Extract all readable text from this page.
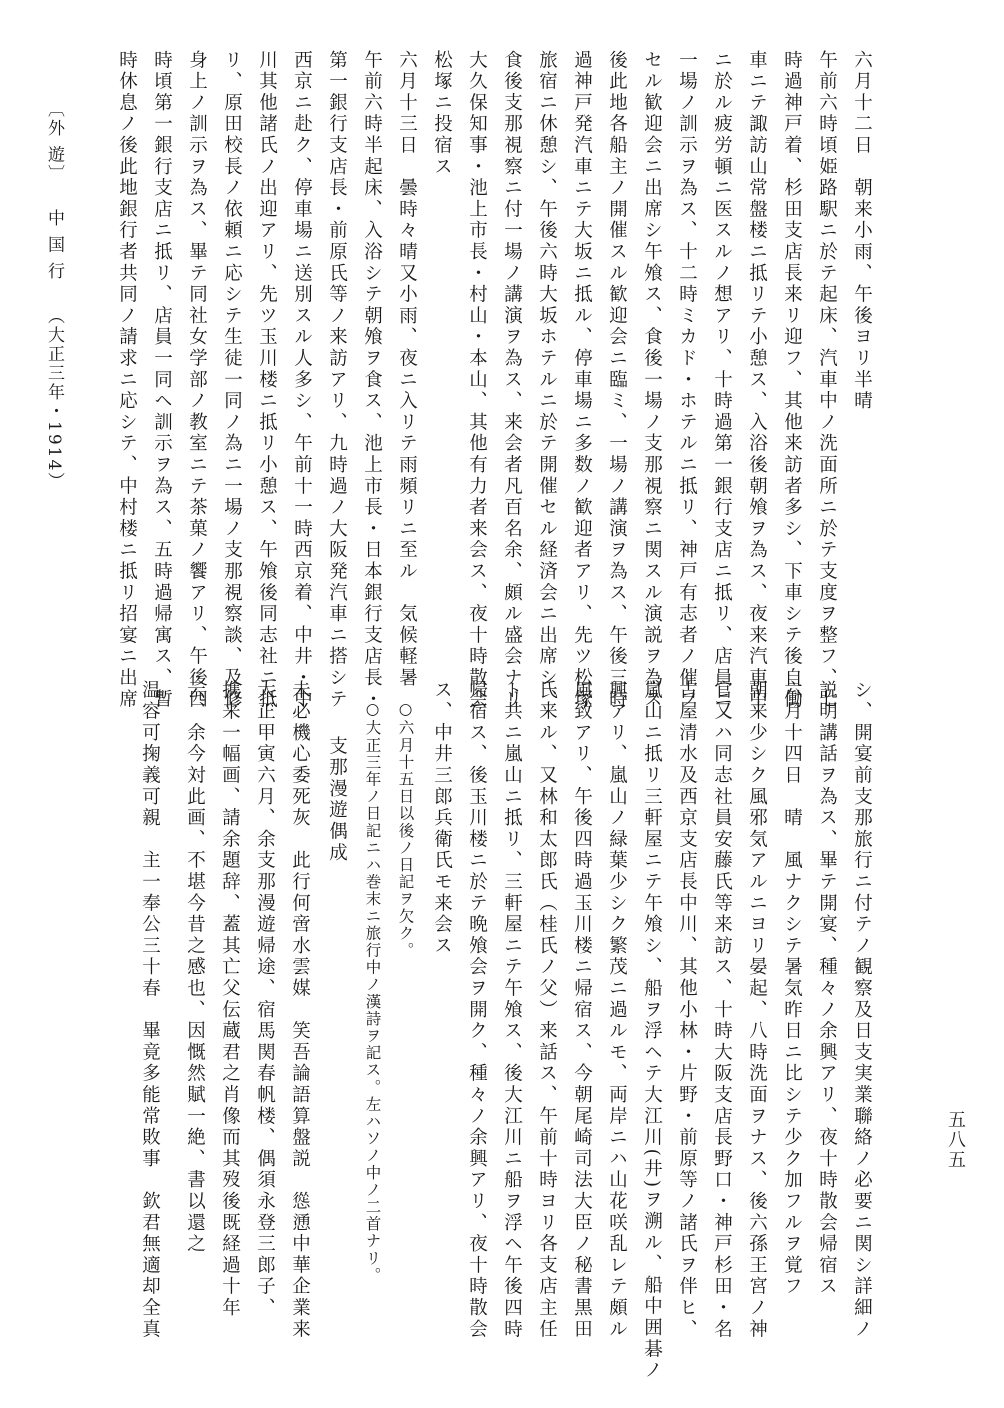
〔外 遊〕中 国 行（大正三年・1914）	六月十二日　朝来小雨、午後ヨリ半晴
午前六時頃姫路駅ニ於テ起床、汽車中ノ洗面所ニ於テ支度ヲ整フ、七
時過神戸着、杉田支店長来リ迎フ、其他来訪者多シ、下車シテ後自働
車ニテ諏訪山常盤楼ニ抵リテ小憩ス、入浴後朝飧ヲ為ス、夜来汽車中
ニ於ル疲労頓ニ医スルノ想アリ、十時過第一銀行支店ニ抵リ、店員ニ
一場ノ訓示ヲ為ス、十二時ミカド・ホテルニ抵リ、神戸有志者ノ催フ
セル歓迎会ニ出席シ午飧ス、食後一場ノ支那視察ニ関スル演説ヲ為ス
後此地各船主ノ開催スル歓迎会ニ臨ミ、一場ノ講演ヲ為ス、午後三時
過神戸発汽車ニテ大坂ニ抵ル、停車場ニ多数ノ歓迎者アリ、先ツ松塚
旅宿ニ休憩シ、午後六時大坂ホテルニ於テ開催セル経済会ニ出席シ、
食後支那視察ニ付一場ノ講演ヲ為ス、来会者凡百名余、頗ル盛会ナリ
大久保知事・池上市長・村山・本山、其他有力者来会ス、夜十時散会
松塚ニ投宿ス
六月十三日　曇時々晴又小雨、夜ニ入リテ雨頻リニ至ル　気候軽暑
午前六時半起床、入浴シテ朝飧ヲ食ス、池上市長・日本銀行支店長・
第一銀行支店長・前原氏等ノ来訪アリ、九時過ノ大阪発汽車ニ搭シテ
西京ニ赴ク、停車場ニ送別スル人多シ、午前十一時西京着、中井・中
川其他諸氏ノ出迎アリ、先ツ玉川楼ニ抵リ小憩ス、午飧後同志社ニ抵
リ、原田校長ノ依頼ニ応シテ生徒一同ノ為ニ一場ノ支那視察談、及修
身上ノ訓示ヲ為ス、畢テ同社女学部ノ教室ニテ茶菓ノ饗アリ、午後四
時頃第一銀行支店ニ抵リ、店員一同ヘ訓示ヲ為ス、五時過帰寓ス、暫
時休息ノ後此地銀行者共同ノ請求ニ応シテ、中村楼ニ抵リ招宴ニ出席
シ、開宴前支那旅行ニ付テノ観察及日支実業聯絡ノ必要ニ関シ詳細ノ
説明講話ヲ為ス、畢テ開宴、種々ノ余興アリ、夜十時散会帰宿ス
六月十四日　晴　風ナクシテ暑気昨日ニ比シテ少ク加フルヲ覚フ
朝来少シク風邪気アルニヨリ晏起、八時洗面ヲナス、後六孫王宮ノ神
官又ハ同志社員安藤氏等来訪ス、十時大阪支店長野口・神戸杉田・名
古屋清水及西京支店長中川、其他小林・片野・前原等ノ諸氏ヲ伴ヒ、
嵐山ニ抵リ三軒屋ニテ午飧シ、船ヲ浮ヘテ大江川(井)ヲ溯ル、船中囲碁ノ
興アリ、嵐山ノ緑葉少シク繁茂ニ過ルモ、両岸ニハ山花咲乱レテ頗ル
風致アリ、午後四時過玉川楼ニ帰宿ス、今朝尾崎司法大臣ノ秘書黒田
氏来ル、又林和太郎氏（桂氏ノ父）来話ス、午前十時ヨリ各支店主任
ト共ニ嵐山ニ抵リ、三軒屋ニテ午飧ス、後大江川ニ船ヲ浮ヘ午後四時
帰宿ス、後玉川楼ニ於テ晩飧会ヲ開ク、種々ノ余興アリ、夜十時散会
ス、中井三郎兵衛氏モ来会ス
○六月十五日以後ノ日記ヲ欠ク。
○大正三年ノ日記ニハ巻末ニ旅行中ノ漢詩ヲ記ス。左ハソノ中ノ二首ナリ。
支那漫遊偶成
未必機心委死灰　此行何啻水雲媒　笑吾論語算盤説　慫慂中華企業来
大正甲寅六月、余支那漫遊帰途、宿馬関春帆楼、偶須永登三郎子、
携来一幅画、請余題辞、蓋其亡父伝蔵君之肖像而其歿後既経過十年
云、余今対此画、不堪今昔之感也、因慨然賦一絶、書以還之
温容可掬義可親　主一奉公三十春　畢竟多能常敗事　欽君無適却全真	五八五
